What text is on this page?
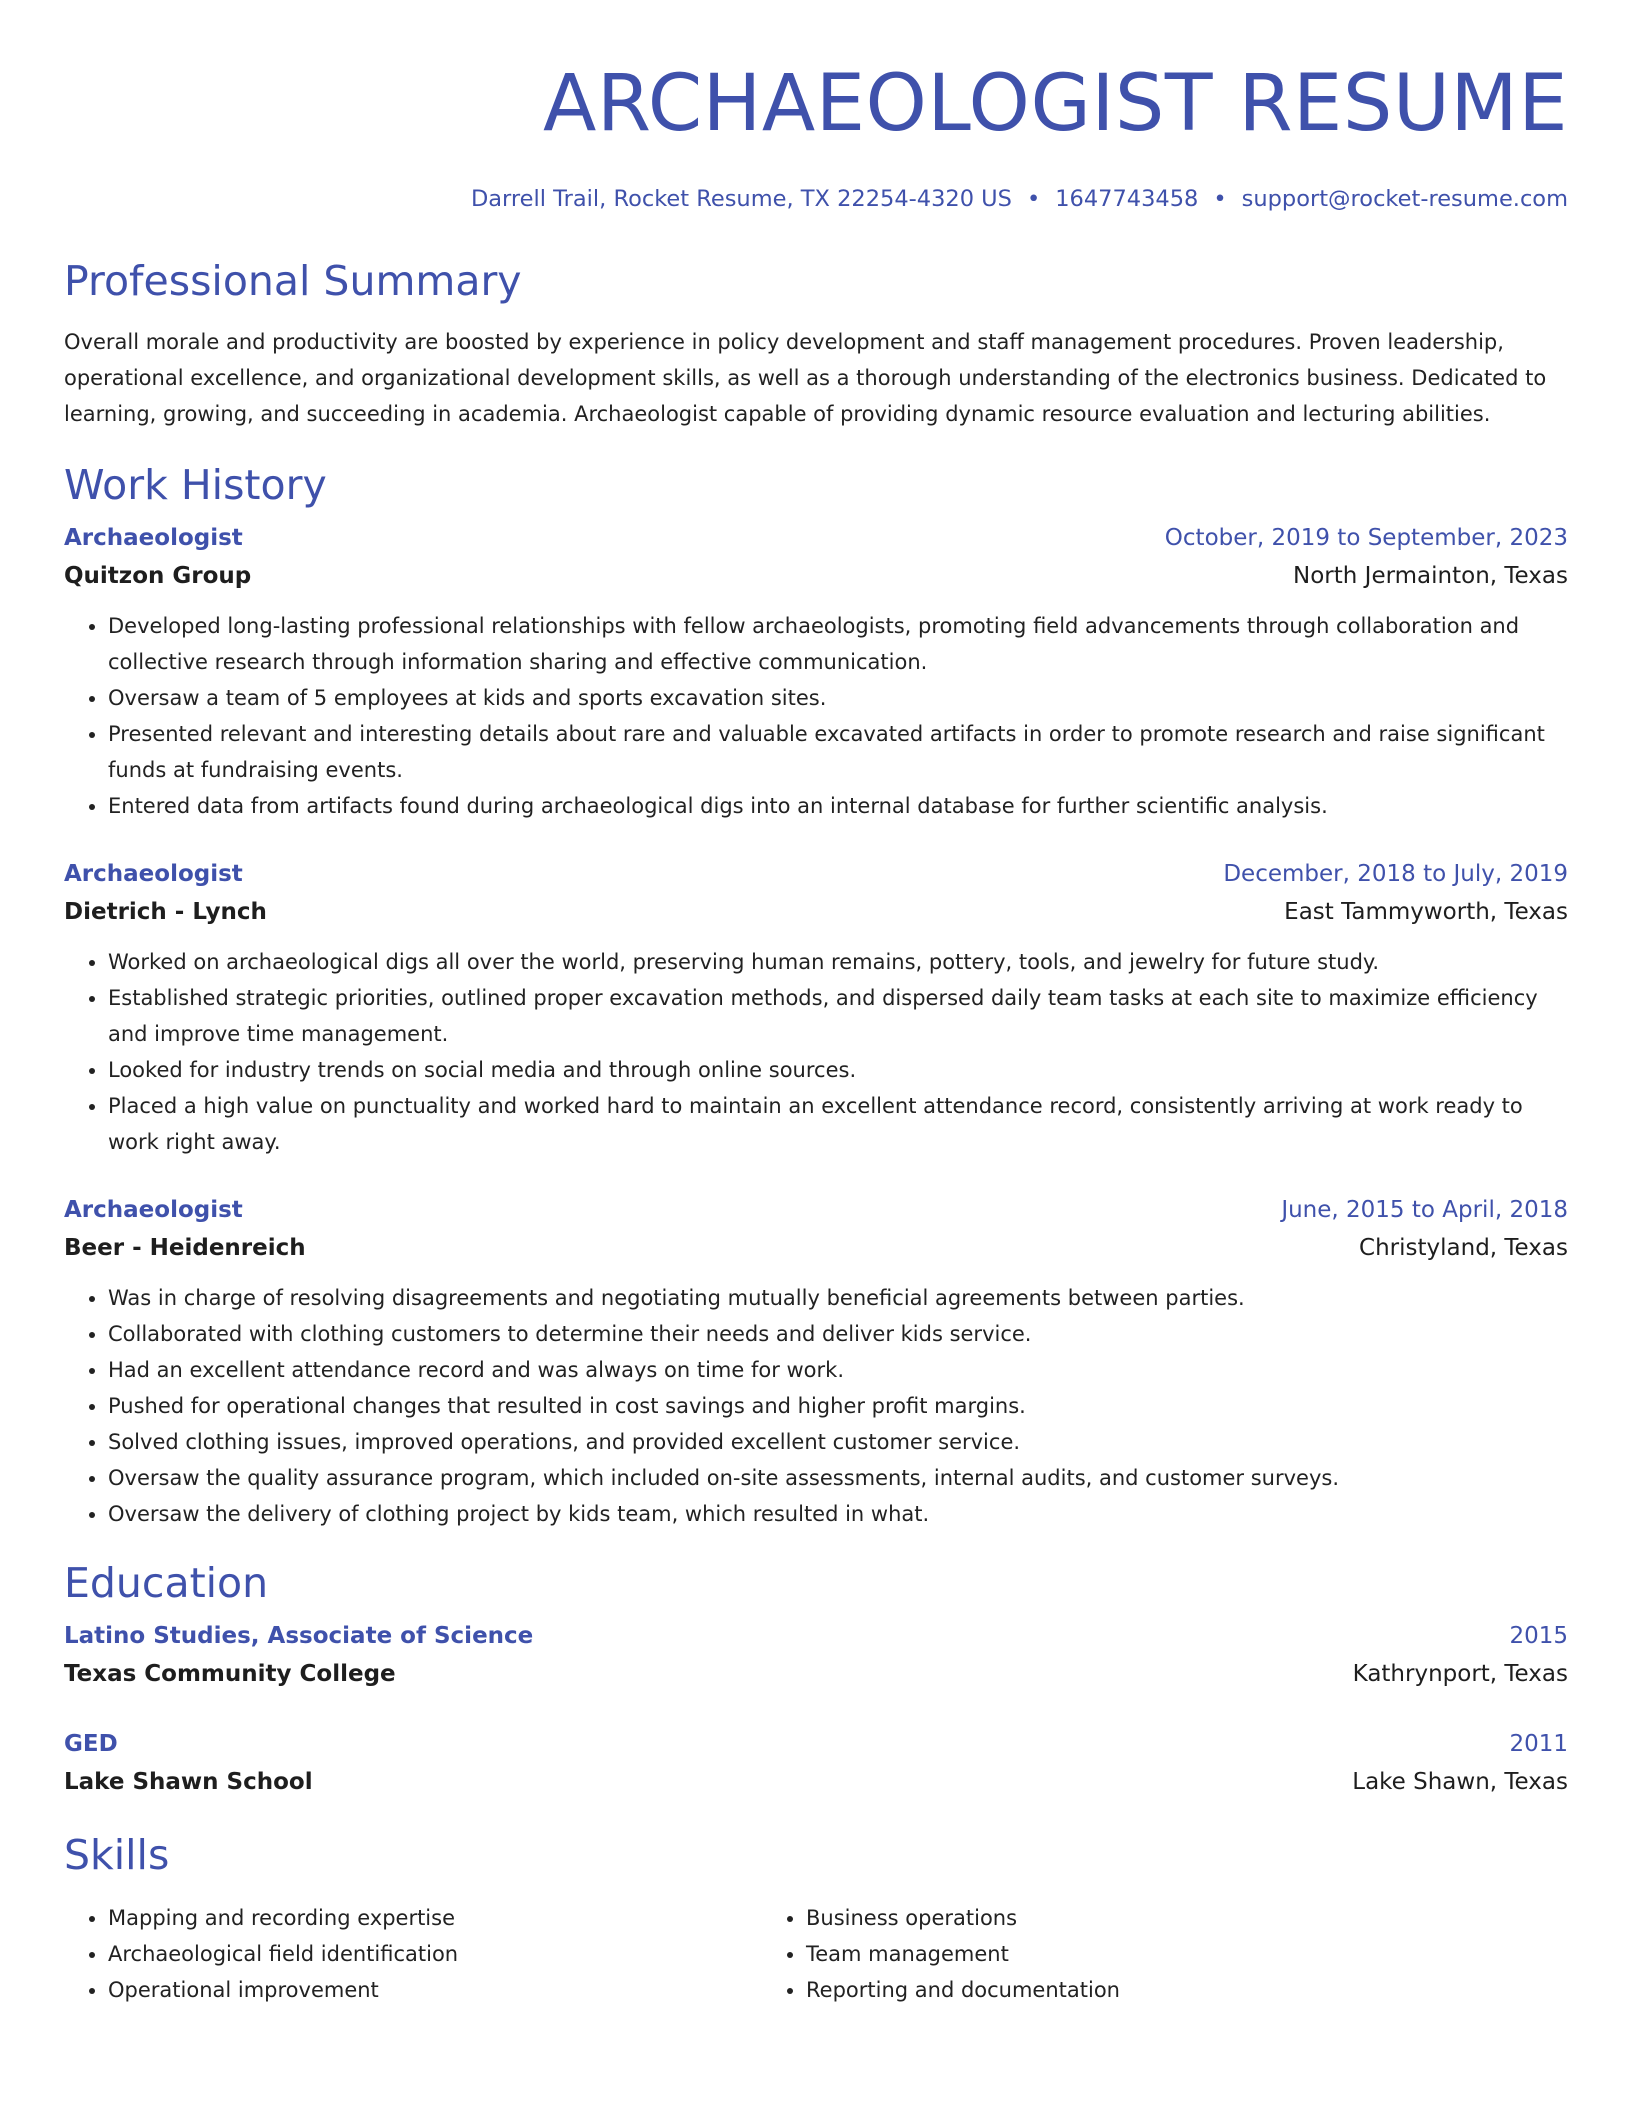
ARCHAEOLOGIST RESUME
Darrell Trail, Rocket Resume, TX 22254-4320 US • 1647743458 • support@rocket-resume.com
Professional Summary

Overall morale and productivity are boosted by experience in policy development and staff management procedures. Proven leadership, operational excellence, and organizational development skills, as well as a thorough understanding of the electronics business. Dedicated to learning, growing, and succeeding in academia. Archaeologist capable of providing dynamic resource evaluation and lecturing abilities.

Work History
Archaeologist	October, 2019 to September, 2023
Quitzon Group	North Jermainton, Texas
• Developed long-lasting professional relationships with fellow archaeologists, promoting field advancements through collaboration and collective research through information sharing and effective communication.
• Oversaw a team of 5 employees at kids and sports excavation sites.
• Presented relevant and interesting details about rare and valuable excavated artifacts in order to promote research and raise significant funds at fundraising events.
• Entered data from artifacts found during archaeological digs into an internal database for further scientific analysis.
Archaeologist	December, 2018 to July, 2019
Dietrich - Lynch	East Tammyworth, Texas
• Worked on archaeological digs all over the world, preserving human remains, pottery, tools, and jewelry for future study.
• Established strategic priorities, outlined proper excavation methods, and dispersed daily team tasks at each site to maximize efficiency and improve time management.
• Looked for industry trends on social media and through online sources.
• Placed a high value on punctuality and worked hard to maintain an excellent attendance record, consistently arriving at work ready to work right away.
Archaeologist	June, 2015 to April, 2018
Beer - Heidenreich	Christyland, Texas
• Was in charge of resolving disagreements and negotiating mutually beneficial agreements between parties.
• Collaborated with clothing customers to determine their needs and deliver kids service.
• Had an excellent attendance record and was always on time for work.
• Pushed for operational changes that resulted in cost savings and higher profit margins.
• Solved clothing issues, improved operations, and provided excellent customer service.
• Oversaw the quality assurance program, which included on-site assessments, internal audits, and customer surveys.
• Oversaw the delivery of clothing project by kids team, which resulted in what.
Education
Latino Studies, Associate of Science	2015
Texas Community College	Kathrynport, Texas
GED	2011
Lake Shawn School	Lake Shawn, Texas
Skills
• Mapping and recording expertise
• Archaeological field identification
• Operational improvement
• Business operations
• Team management
• Reporting and documentation
